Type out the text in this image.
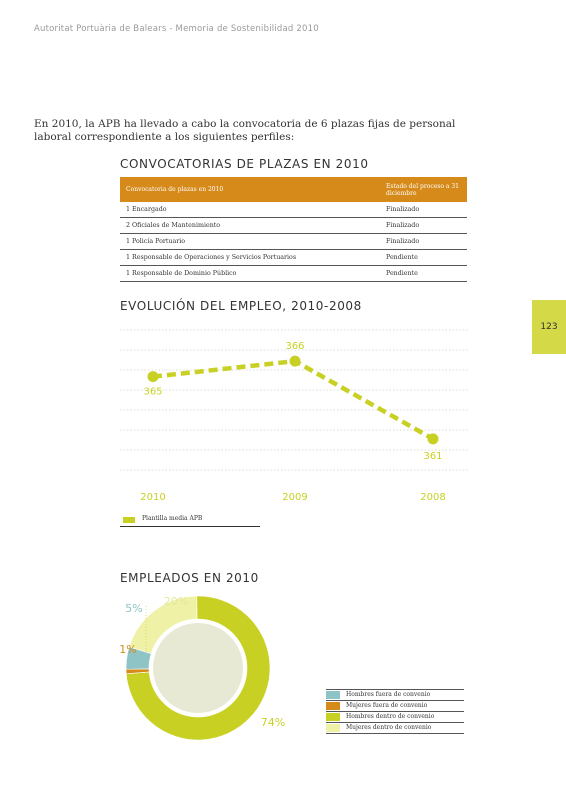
Autoritat Portuària de Balears - Memoria de Sostenibilidad 2010
123

En 2010, la APB ha llevado a cabo la convocatoria de 6 plazas fijas de personal laboral correspondiente a los siguientes perfiles:

CONVOCATORIAS DE PLAZAS EN 2010
Convocatoria de plazas en 2010	Estado del proceso a 31 diciembre
1 Encargado	Finalizado
2 Oficiales de Mantenimiento	Finalizado
1 Policía Portuario	Finalizado
1 Responsable de Operaciones y Servicios Portuarios	Pendiente
1 Responsable de Dominio Público	Pendiente
EVOLUCIÓN DEL EMPLEO, 2010-2008
365
366
361
2010	2009	2008
Plantilla media APB
EMPLEADOS EN 2010
5%
1%
74%
20%
Hombres fuera de convenio
Mujeres fuera de convenio
Hombres dentro de convenio
Mujeres dentro de convenio
